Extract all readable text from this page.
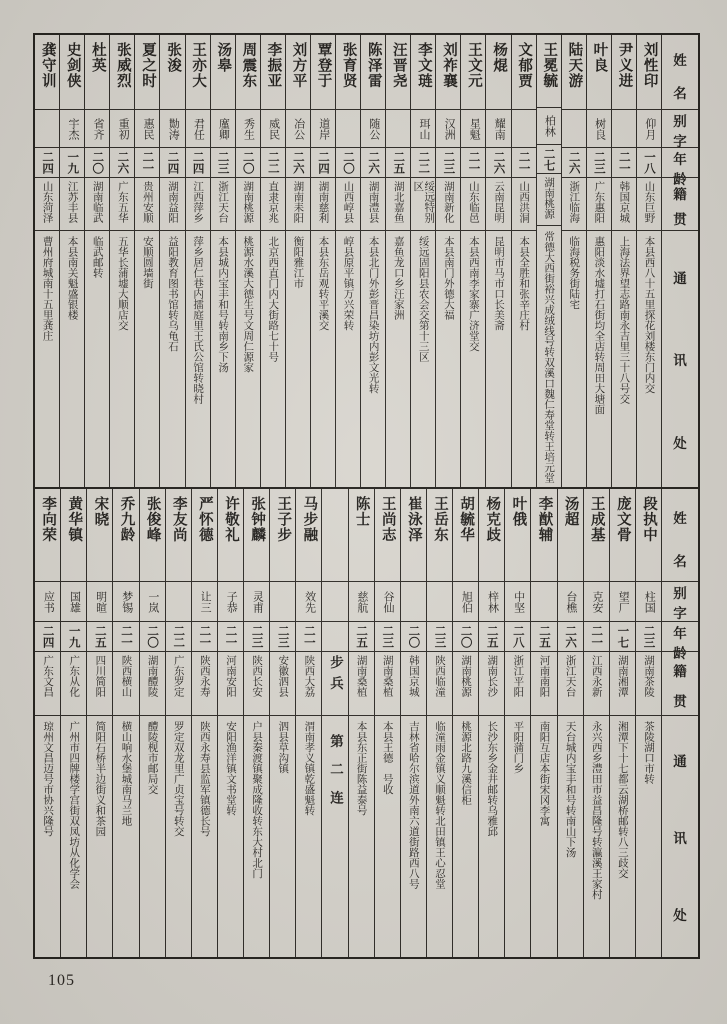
姓
名
别
字
年
龄
籍
贯
通
讯
处
刘性印
仰月
一八
山东巨野
本县西八十五里探花刘楼东门内交
尹义进
二一
韩国京城
上海法界望志路南永吉里三十八号交
叶良
树良
二三
广东惠阳
惠阳淡水墟打石街均全店转周田大塘面
陆天游
二六
浙江临海
临海税务街陆宅
王冕毓
柏林
二七
湖南桃源
常德大西街裕兴成绒线号转双溪口魏仁寿堂转王培元堂
文郁贾
二一
山西洪洞
本县全胜和张辛庄村
杨焜
耀南
二六
云南昆明
昆明市马市口长美斋
王文元
星魁
二一
山东临邑
本县西南李家寨广济堂交
刘祚襄
汉洲
二三
湖南新化
本县南门外德大福
李文琏
珥山
二二
绥远特别区
绥远固阳县农会交第十三区
汪晋尧
二五
湖北嘉鱼
嘉鱼龙口乡汪家洲
陈泽雷
随公
二六
湖南澧县
本县北门外彭晋昌染坊内彭文光转
张育贤
二〇
山西崞县
崞县原平镇万兴荣转
覃登于
道岸
二四
湖南慈利
本县东岳观转平溪交
刘方平
冶公
二六
湖南耒阳
衡阳雅江市
李振亚
威民
二二
直隶京兆
北京西直门内大街路七十号
周震东
秀生
二〇
湖南桃源
桃源水溪大德生号文周仁源家
汤皋
廑卿
二三
浙江天台
本县城内宝丰和号转南乡下汤
王亦大
君任
二四
江西萍乡
萍乡居仁巷内擂庭里王氏公馆转晓村
张浚
勚涛
二四
湖南益阳
益阳教育图书馆转乌龟石
夏之时
惠民
二一
贵州安顺
安顺圆墙街
张威烈
重初
二六
广东五华
五华长蒲墟大顺店交
杜英
省齐
二〇
湖南临武
临武邮转
史剑侠
宇杰
一九
江苏丰县
本县南关魁盛银楼
龚守训
二四
山东菏泽
曹州府城南十五里龚庄
姓
名
别
字
年
龄
籍
贯
通
讯
处
段执中
柱国
二三
湖南茶陵
茶陵湖口市转
庞文骨
望厂
一七
湖南湘潭
湘潭下十七都云湖桥邮转八三歧交
王成基
克安
二一
江西永新
永兴西乡澧田市益昌隆号转瀛溪王家村
汤超
台樵
二六
浙江天台
天台城内宝丰和号转南山下汤
李猷辅
二五
河南南阳
南阳互店本街宋冈李寓
叶俄
中坚
二八
浙江平阳
平阳蒲门乡
杨克歧
梓林
二五
湖南长沙
长沙东乡金井邮转乌雅邱
胡毓华
旭伯
二〇
湖南桃源
桃源北路九溪信柜
王岳东
二三
陕西临潼
临潼雨金镇义顺魁转北田镇王心忍堂
崔泳泽
二〇
韩国京城
吉林省哈尔滨道外南六道街路西八号
王尚志
谷仙
二三
湖南桑植
本县王德　号收
陈士
慈航
二五
湖南桑植
本县东正街陈益泰号
步兵
第二连
马步融
效先
二一
陕西大荔
渭南孝义镇乾盛魁转
王子步
二三
安徽泗县
泗县草沟镇
张钟麟
灵甫
二三
陕西长安
户县秦渡镇聚成隆收转东大村北门
许敬礼
子恭
二一
河南安阳
安阳渔洋镇文书堂转
严怀德
让三
二一
陕西永寿
陕西永寿县监军镇德长号
李友尚
二二
广东罗定
罗定双龙里广贞宝号转交
张俊峰
一岚
二〇
湖南醴陵
醴陵枧市邮局交
乔九龄
梦锡
二一
陕西横山
横山响水堡城南马兰地
宋晓
明暄
二五
四川简阳
简阳石桥半边街义和茶园
黄华镇
国雄
一九
广东从化
广州市四牌楼学宫街双凤坊从化学会
李向荣
应书
二四
广东文昌
琼州文昌迈号市协兴隆号
105
